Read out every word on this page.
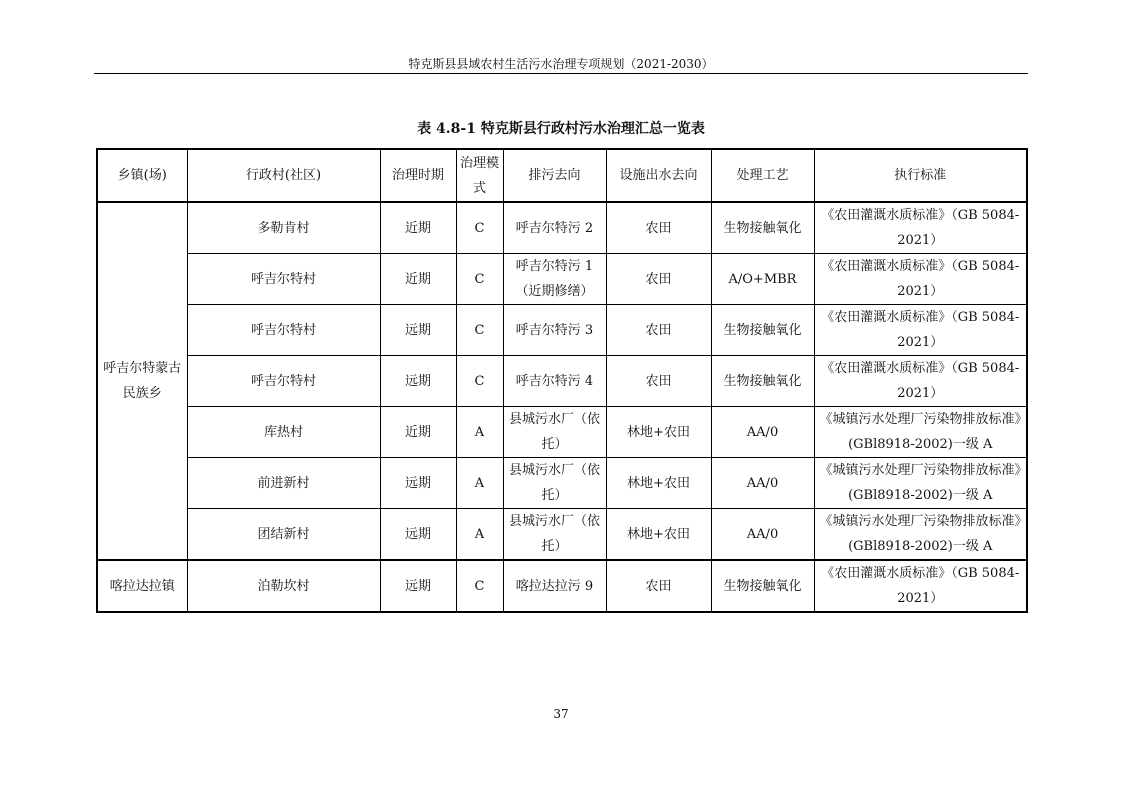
特克斯县县域农村生活污水治理专项规划（2021-2030）
表 4.8-1 特克斯县行政村污水治理汇总一览表
乡镇(场)	行政村(社区)	治理时期	治理模式	排污去向	设施出水去向	处理工艺	执行标准
呼吉尔特蒙古民族乡	多勒肯村	近期	C	呼吉尔特污 2	农田	生物接触氧化	《农田灌溉水质标准》（GB 5084-2021）
	呼吉尔特村	近期	C	呼吉尔特污 1（近期修缮）	农田	A/O+MBR	《农田灌溉水质标准》（GB 5084-2021）
	呼吉尔特村	远期	C	呼吉尔特污 3	农田	生物接触氧化	《农田灌溉水质标准》（GB 5084-2021）
	呼吉尔特村	远期	C	呼吉尔特污 4	农田	生物接触氧化	《农田灌溉水质标准》（GB 5084-2021）
	库热村	近期	A	县城污水厂（依托）	林地+农田	AA/0	《城镇污水处理厂污染物排放标准》(GBl8918-2002)一级 A
	前进新村	远期	A	县城污水厂（依托）	林地+农田	AA/0	《城镇污水处理厂污染物排放标准》(GBl8918-2002)一级 A
	团结新村	远期	A	县城污水厂（依托）	林地+农田	AA/0	《城镇污水处理厂污染物排放标准》(GBl8918-2002)一级 A
喀拉达拉镇	泊勒坎村	远期	C	喀拉达拉污 9	农田	生物接触氧化	《农田灌溉水质标准》（GB 5084-2021）
37
